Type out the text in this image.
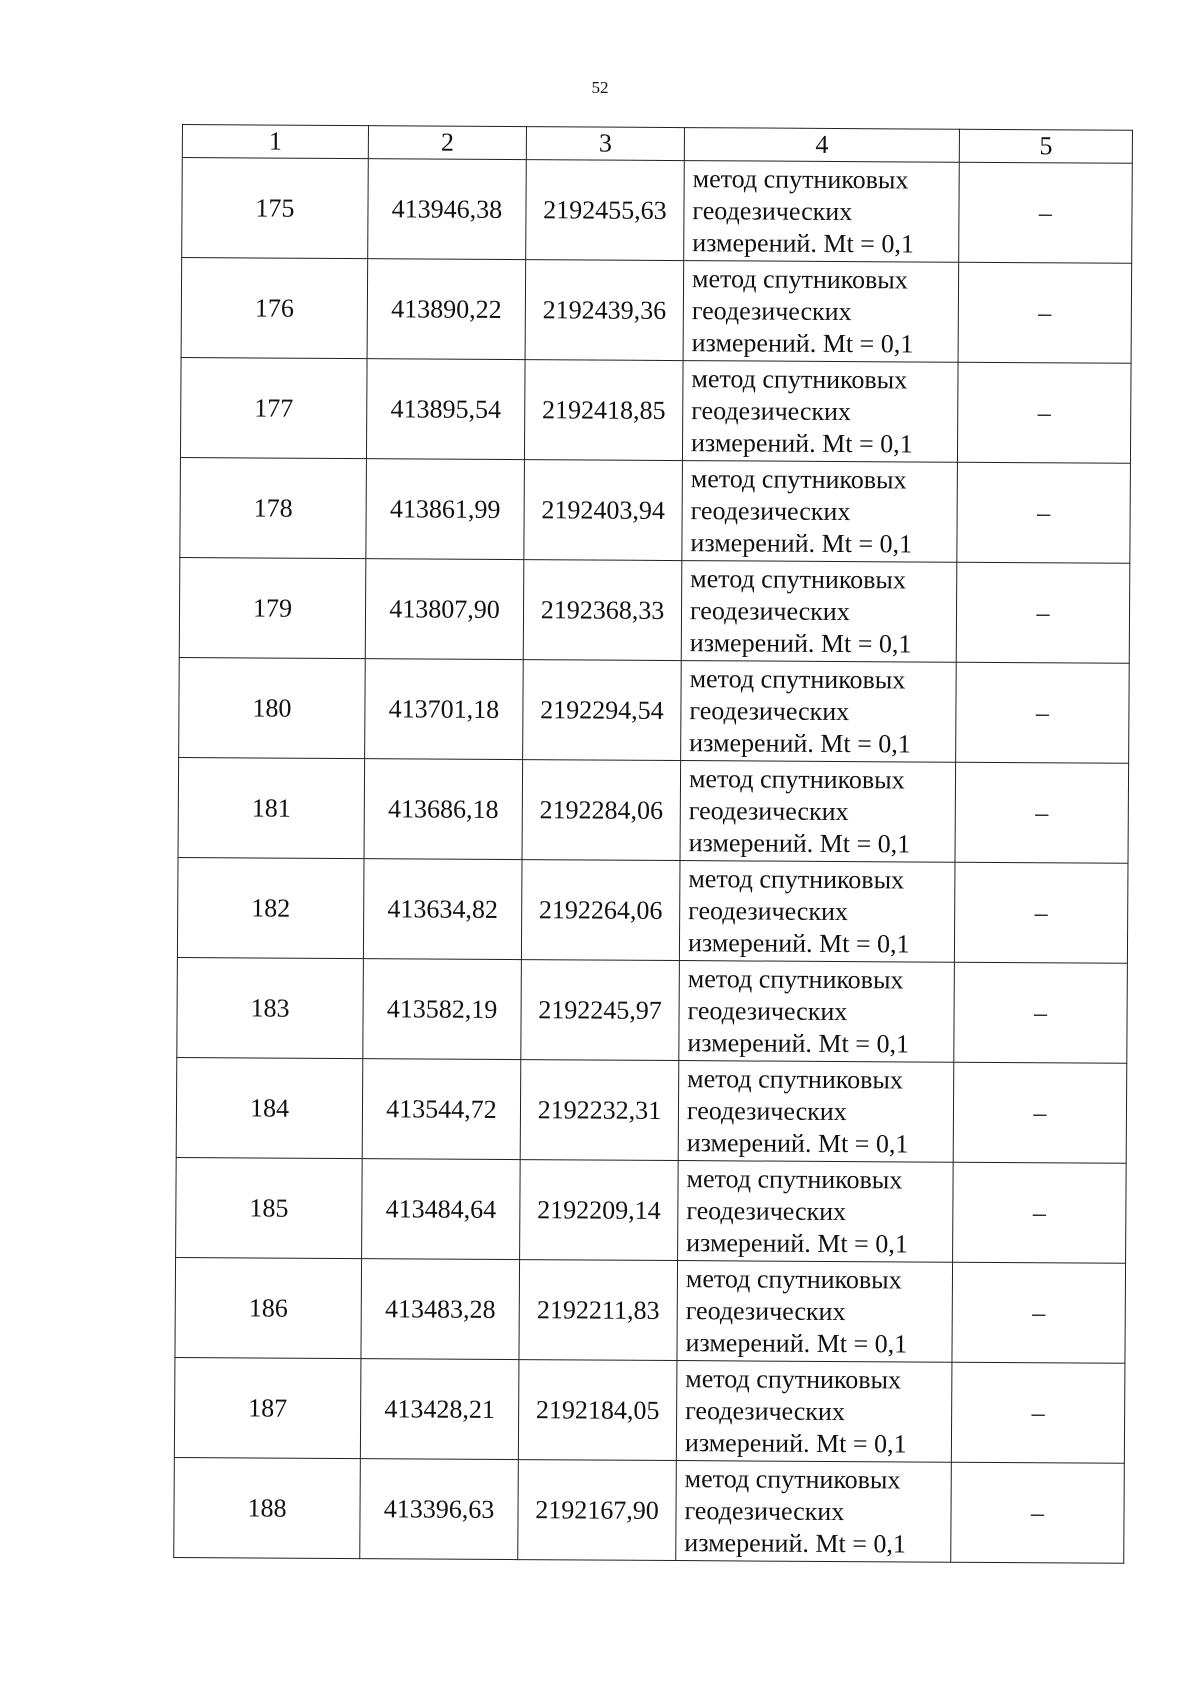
52
1	2	3	4	5
175	413946,38	2192455,63	метод спутниковых
геодезических
измерений. Mt = 0,1	–
176	413890,22	2192439,36	метод спутниковых
геодезических
измерений. Mt = 0,1	–
177	413895,54	2192418,85	метод спутниковых
геодезических
измерений. Mt = 0,1	–
178	413861,99	2192403,94	метод спутниковых
геодезических
измерений. Mt = 0,1	–
179	413807,90	2192368,33	метод спутниковых
геодезических
измерений. Mt = 0,1	–
180	413701,18	2192294,54	метод спутниковых
геодезических
измерений. Mt = 0,1	–
181	413686,18	2192284,06	метод спутниковых
геодезических
измерений. Mt = 0,1	–
182	413634,82	2192264,06	метод спутниковых
геодезических
измерений. Mt = 0,1	–
183	413582,19	2192245,97	метод спутниковых
геодезических
измерений. Mt = 0,1	–
184	413544,72	2192232,31	метод спутниковых
геодезических
измерений. Mt = 0,1	–
185	413484,64	2192209,14	метод спутниковых
геодезических
измерений. Mt = 0,1	–
186	413483,28	2192211,83	метод спутниковых
геодезических
измерений. Mt = 0,1	–
187	413428,21	2192184,05	метод спутниковых
геодезических
измерений. Mt = 0,1	–
188	413396,63	2192167,90	метод спутниковых
геодезических
измерений. Mt = 0,1	–
